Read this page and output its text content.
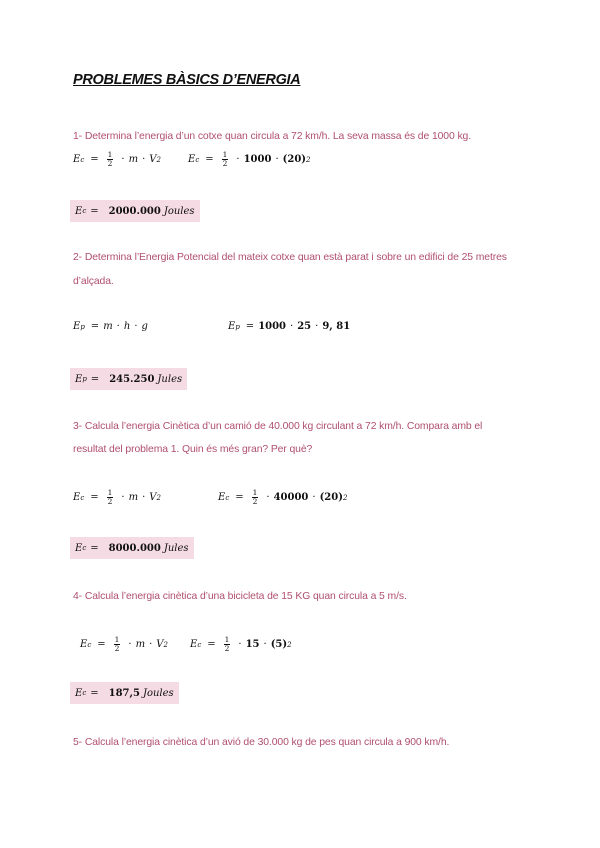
PROBLEMES BÀSICS D’ENERGIA
1- Determina l’energia d’un cotxe quan circula a 72 km/h. La seva massa és de 1000 kg.
E $c = \frac{1}{2} \cdot m \cdot V$ 2	E $c = \frac{1}{2} \cdot 1000 \cdot (20)$ 2
E c = 2000.000 Joules
2- Determina l’Energia Potencial del mateix cotxe quan està parat i sobre un edifici de 25 metres
d’alçada.
E p = m · h · g	E p = 1000 · 25 · 9, 81
E p = 245.250 Jules
3- Calcula l’energia Cinètica d’un camió de 40.000 kg circulant a 72 km/h. Compara amb el
resultat del problema 1. Quin és més gran? Per què?
E $c = \frac{1}{2} \cdot m \cdot V$ 2	E $c = \frac{1}{2} \cdot 40000 \cdot (20)$ 2
E c = 8000.000 Jules
4- Calcula l’energia cinètica d’una bicicleta de 15 KG quan circula a 5 m/s.
E $c = \frac{1}{2} \cdot m \cdot V$ 2 E $c = \frac{1}{2} \cdot 15 \cdot (5)$ 2
E c = 187,5 Joules
5- Calcula l’energia cinètica d’un avió de 30.000 kg de pes quan circula a 900 km/h.
